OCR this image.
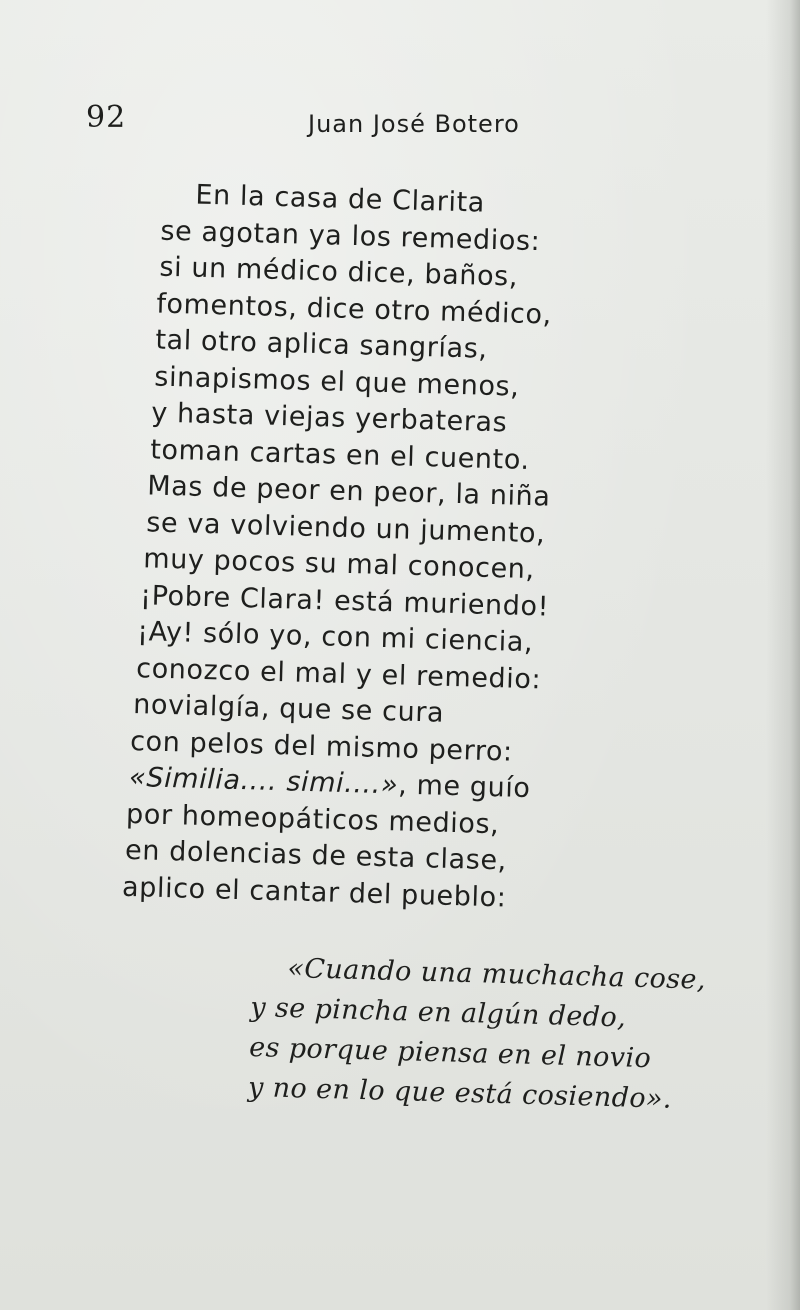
92	Juan José Botero
En la casa de Clarita
se agotan ya los remedios:
si un médico dice, baños,
fomentos, dice otro médico,
tal otro aplica sangrías,
sinapismos el que menos,
y hasta viejas yerbateras
toman cartas en el cuento.
Mas de peor en peor, la niña
se va volviendo un jumento,
muy pocos su mal conocen,
¡Pobre Clara! está muriendo!
¡Ay! sólo yo, con mi ciencia,
conozco el mal y el remedio:
novialgía, que se cura
con pelos del mismo perro:
«Similia.... simi....», me guío
por homeopáticos medios,
en dolencias de esta clase,
aplico el cantar del pueblo:
«Cuando una muchacha cose,
y se pincha en algún dedo,
es porque piensa en el novio
y no en lo que está cosiendo».
